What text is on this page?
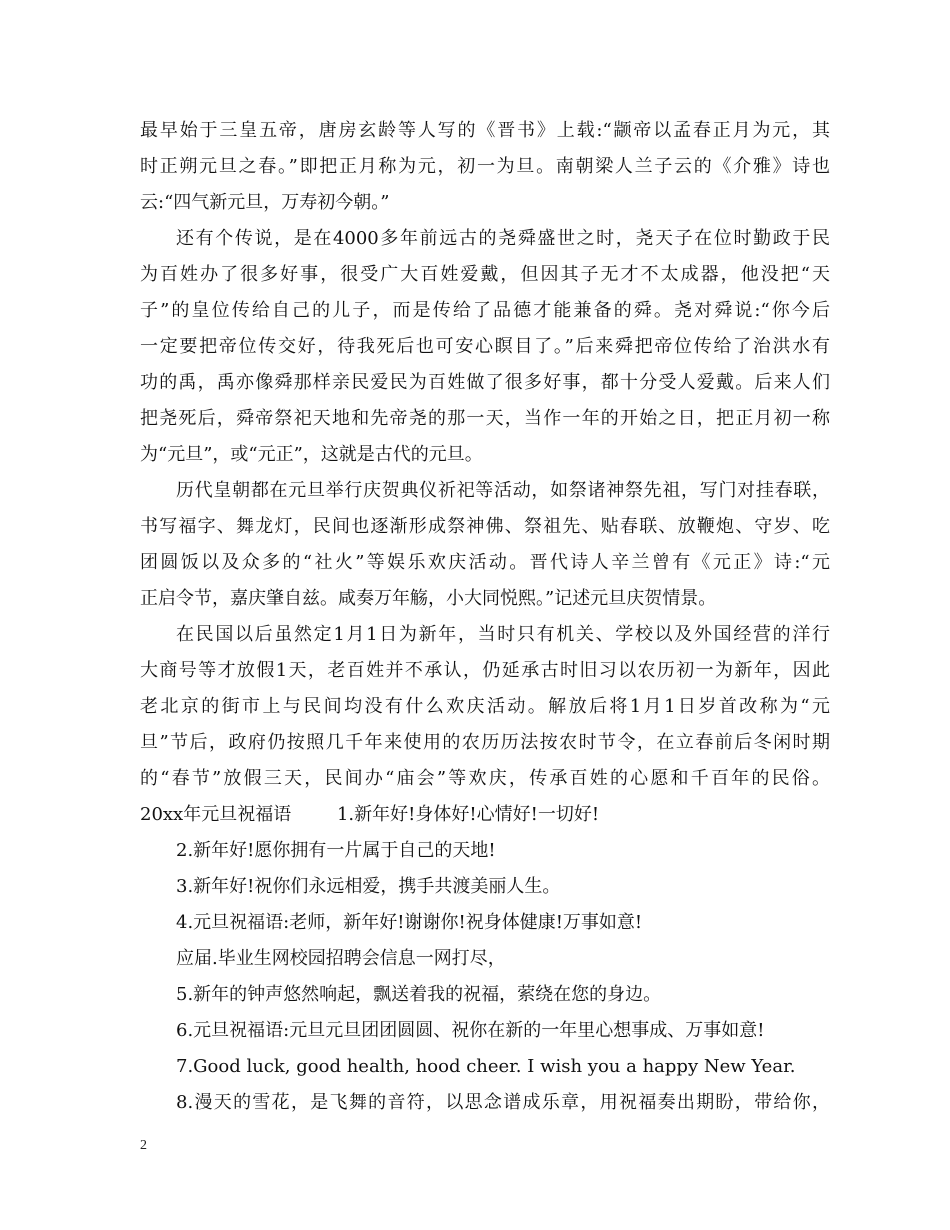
最早始于三皇五帝，唐房玄龄等人写的《晋书》上载:“颛帝以孟春正月为元，其
时正朔元旦之春。”即把正月称为元，初一为旦。南朝梁人兰子云的《介雅》诗也
云:“四气新元旦，万寿初今朝。”
还有个传说，是在4000多年前远古的尧舜盛世之时，尧天子在位时勤政于民
为百姓办了很多好事，很受广大百姓爱戴，但因其子无才不太成器，他没把“天
子”的皇位传给自己的儿子，而是传给了品德才能兼备的舜。尧对舜说:“你今后
一定要把帝位传交好，待我死后也可安心瞑目了。”后来舜把帝位传给了治洪水有
功的禹，禹亦像舜那样亲民爱民为百姓做了很多好事，都十分受人爱戴。后来人们
把尧死后，舜帝祭祀天地和先帝尧的那一天，当作一年的开始之日，把正月初一称
为“元旦”，或“元正”，这就是古代的元旦。
历代皇朝都在元旦举行庆贺典仪祈祀等活动，如祭诸神祭先祖，写门对挂春联，
书写福字、舞龙灯，民间也逐渐形成祭神佛、祭祖先、贴春联、放鞭炮、守岁、吃
团圆饭以及众多的“社火”等娱乐欢庆活动。晋代诗人辛兰曾有《元正》诗:“元
正启令节，嘉庆肇自兹。咸奏万年觞，小大同悦熙。”记述元旦庆贺情景。
在民国以后虽然定1月1日为新年，当时只有机关、学校以及外国经营的洋行
大商号等才放假1天，老百姓并不承认，仍延承古时旧习以农历初一为新年，因此
老北京的街市上与民间均没有什么欢庆活动。解放后将1月1日岁首改称为“元
旦”节后，政府仍按照几千年来使用的农历历法按农时节令，在立春前后冬闲时期
的“春节”放假三天，民间办“庙会”等欢庆，传承百姓的心愿和千百年的民俗。
20xx年元旦祝福语        1.新年好!身体好!心情好!一切好!
2.新年好!愿你拥有一片属于自己的天地!
3.新年好!祝你们永远相爱，携手共渡美丽人生。
4.元旦祝福语:老师，新年好!谢谢你!祝身体健康!万事如意!
应届.毕业生网校园招聘会信息一网打尽，
5.新年的钟声悠然响起，飘送着我的祝福，萦绕在您的身边。
6.元旦祝福语:元旦元旦团团圆圆、祝你在新的一年里心想事成、万事如意!
7.Good luck, good health, hood cheer. I wish you a happy New Year.
8.漫天的雪花，是飞舞的音符，以思念谱成乐章，用祝福奏出期盼，带给你，
2
